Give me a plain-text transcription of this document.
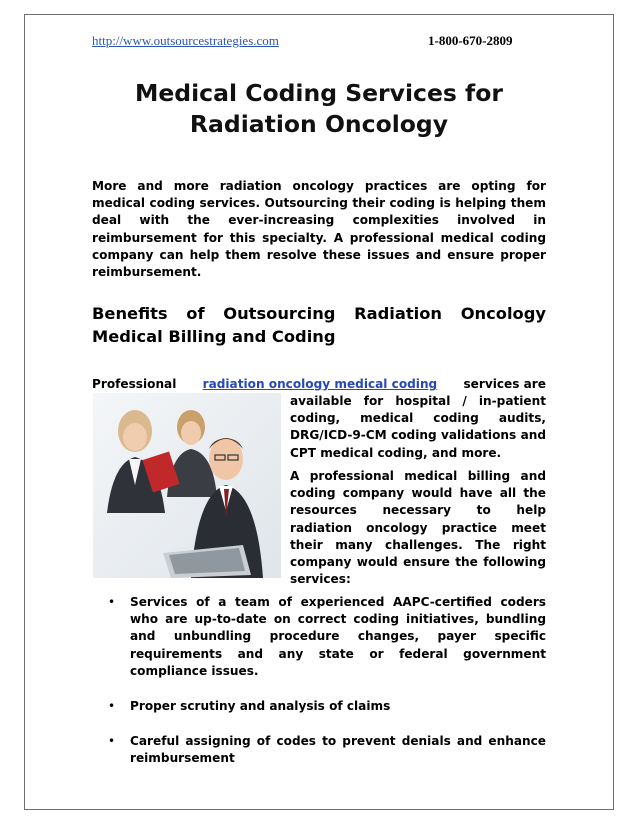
http://www.outsourcestrategies.com	1-800-670-2809
Medical Coding Services for Radiation Oncology
More and more radiation oncology practices are opting for medical coding services. Outsourcing their coding is helping them deal with the ever-increasing complexities involved in reimbursement for this specialty. A professional medical coding company can help them resolve these issues and ensure proper reimbursement.
Benefits of Outsourcing Radiation Oncology Medical Billing and Coding
Professional radiation oncology medical coding services are
available for hospital / in-patient coding, medical coding audits, DRG/ICD-9-CM coding validations and CPT medical coding, and more.
A professional medical billing and coding company would have all the resources necessary to help radiation oncology practice meet their many challenges. The right company would ensure the following services:
• Services of a team of experienced AAPC-certified coders who are up-to-date on correct coding initiatives, bundling and unbundling procedure changes, payer specific requirements and any state or federal government compliance issues.
• Proper scrutiny and analysis of claims
• Careful assigning of codes to prevent denials and enhance reimbursement
